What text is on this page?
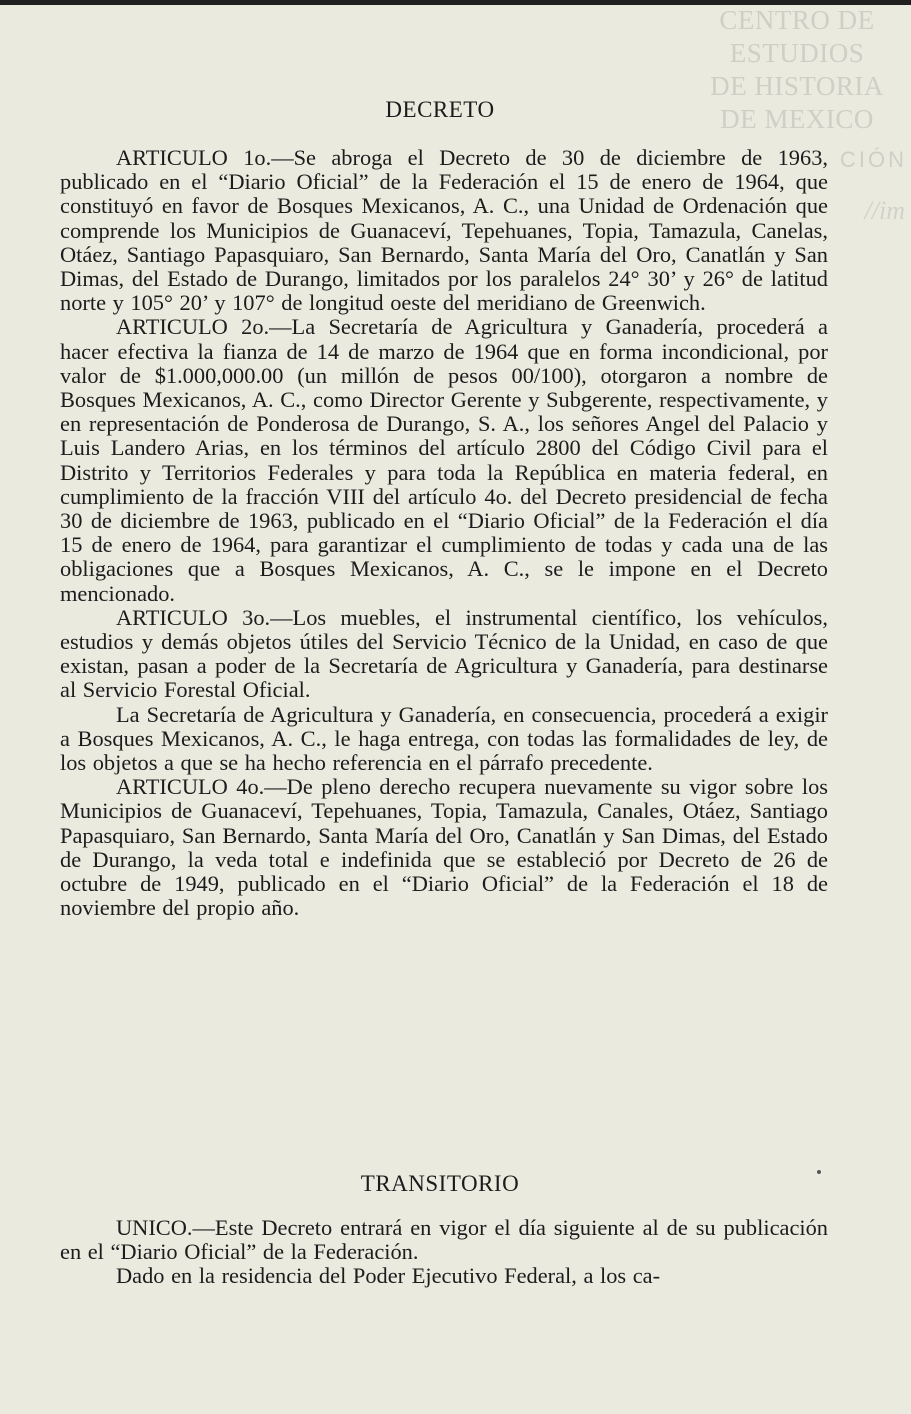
CENTRO DE
ESTUDIOS
DE HISTORIA
DE MEXICO
CIÓN
//im
DECRETO

ARTICULO 1o.—Se abroga el Decreto de 30 de diciembre de 1963, publicado en el “Diario Oficial” de la Federación el 15 de enero de 1964, que constituyó en favor de Bosques Mexicanos, A. C., una Unidad de Ordenación que comprende los Municipios de Guanaceví, Tepehuanes, Topia, Tamazula, Canelas, Otáez, Santiago Papasquiaro, San Bernardo, Santa María del Oro, Canatlán y San Dimas, del Estado de Durango, limitados por los paralelos 24° 30’ y 26° de latitud norte y 105° 20’ y 107° de longitud oeste del meridiano de Greenwich.

ARTICULO 2o.—La Secretaría de Agricultura y Ganadería, procederá a hacer efectiva la fianza de 14 de marzo de 1964 que en forma incondicional, por valor de $1.000,000.00 (un millón de pesos 00/100), otorgaron a nombre de Bosques Mexicanos, A. C., como Director Gerente y Subgerente, respectivamente, y en representación de Ponderosa de Durango, S. A., los señores Angel del Palacio y Luis Landero Arias, en los términos del artículo 2800 del Código Civil para el Distrito y Territorios Federales y para toda la República en materia federal, en cumplimiento de la fracción VIII del artículo 4o. del Decreto presidencial de fecha 30 de diciembre de 1963, publicado en el “Diario Oficial” de la Federación el día 15 de enero de 1964, para garantizar el cumplimiento de todas y cada una de las obligaciones que a Bosques Mexicanos, A. C., se le impone en el Decreto mencionado.

ARTICULO 3o.—Los muebles, el instrumental científico, los vehículos, estudios y demás objetos útiles del Servicio Técnico de la Unidad, en caso de que existan, pasan a poder de la Secretaría de Agricultura y Ganadería, para destinarse al Servicio Forestal Oficial.

La Secretaría de Agricultura y Ganadería, en consecuencia, procederá a exigir a Bosques Mexicanos, A. C., le haga entrega, con todas las formalidades de ley, de los objetos a que se ha hecho referencia en el párrafo precedente.

ARTICULO 4o.—De pleno derecho recupera nuevamente su vigor sobre los Municipios de Guanaceví, Tepehuanes, Topia, Tamazula, Canales, Otáez, Santiago Papasquiaro, San Bernardo, Santa María del Oro, Canatlán y San Dimas, del Estado de Durango, la veda total e indefinida que se estableció por Decreto de 26 de octubre de 1949, publicado en el “Diario Oficial” de la Federación el 18 de noviembre del propio año.

TRANSITORIO

UNICO.—Este Decreto entrará en vigor el día siguiente al de su publicación en el “Diario Oficial” de la Federación.

Dado en la residencia del Poder Ejecutivo Federal, a los ca-
